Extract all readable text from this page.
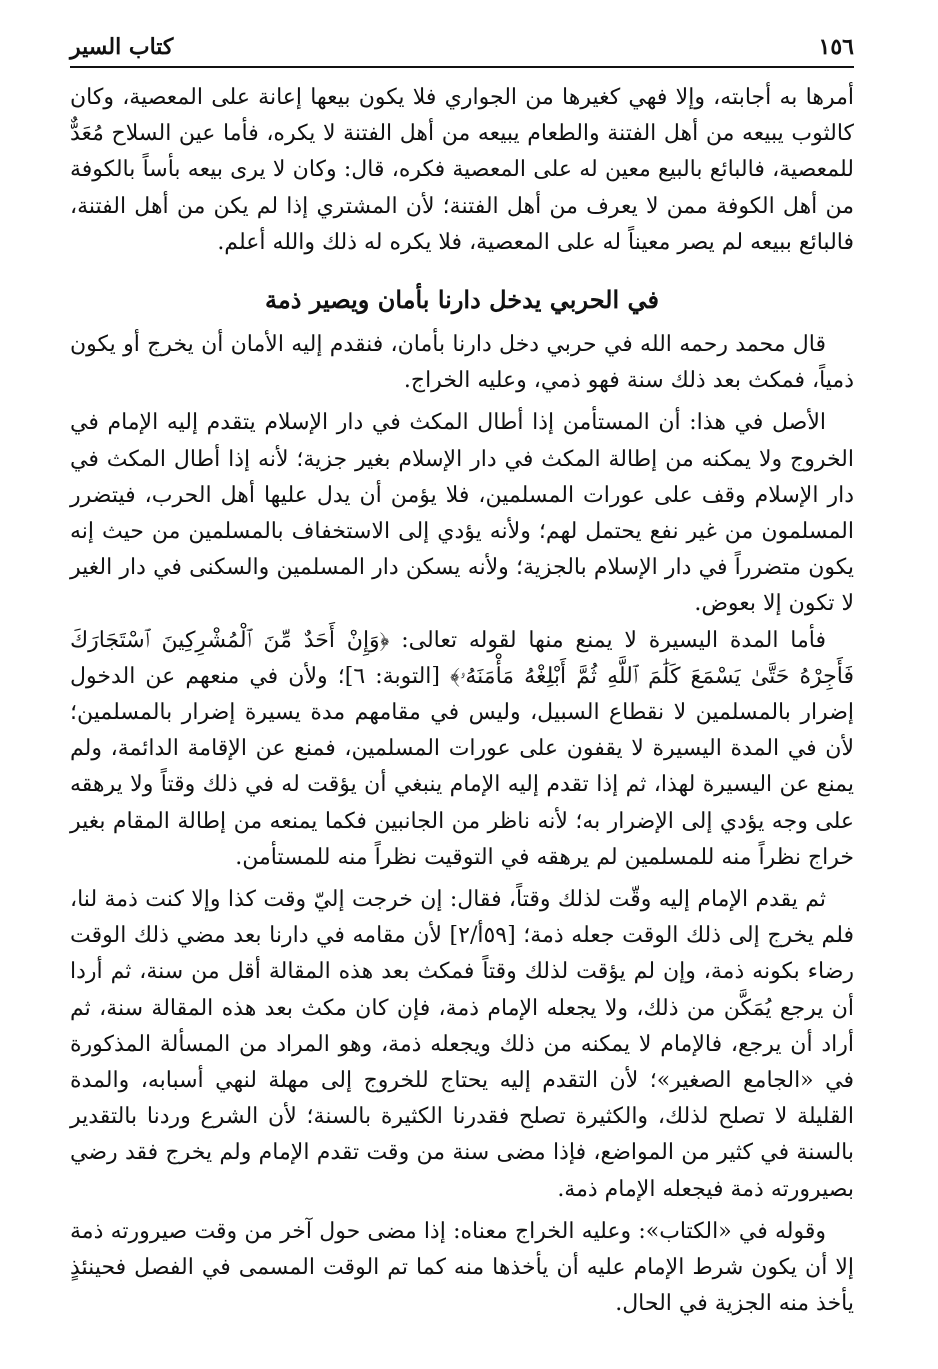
١٥٦
كتاب السير

أمرها به أجابته، وإلا فهي كغيرها من الجواري فلا يكون بيعها إعانة على المعصية، وكان كالثوب يبيعه من أهل الفتنة والطعام يبيعه من أهل الفتنة لا يكره، فأما عين السلاح مُعَدٌّ للمعصية، فالبائع بالبيع معين له على المعصية فكره، قال: وكان لا يرى بيعه بأساً بالكوفة من أهل الكوفة ممن لا يعرف من أهل الفتنة؛ لأن المشتري إذا لم يكن من أهل الفتنة، فالبائع ببيعه لم يصر معيناً له على المعصية، فلا يكره له ذلك والله أعلم.

في الحربي يدخل دارنا بأمان ويصير ذمة

قال محمد رحمه الله في حربي دخل دارنا بأمان، فنقدم إليه الأمان أن يخرج أو يكون ذمياً، فمكث بعد ذلك سنة فهو ذمي، وعليه الخراج.

الأصل في هذا: أن المستأمن إذا أطال المكث في دار الإسلام يتقدم إليه الإمام في الخروج ولا يمكنه من إطالة المكث في دار الإسلام بغير جزية؛ لأنه إذا أطال المكث في دار الإسلام وقف على عورات المسلمين، فلا يؤمن أن يدل عليها أهل الحرب، فيتضرر المسلمون من غير نفع يحتمل لهم؛ ولأنه يؤدي إلى الاستخفاف بالمسلمين من حيث إنه يكون متضرراً في دار الإسلام بالجزية؛ ولأنه يسكن دار المسلمين والسكنى في دار الغير لا تكون إلا بعوض.

فأما المدة اليسيرة لا يمنع منها لقوله تعالى: ﴿وَإِنْ أَحَدٌ مِّنَ ٱلْمُشْرِكِينَ ٱسْتَجَارَكَ فَأَجِرْهُ حَتَّىٰ يَسْمَعَ كَلَٰمَ ٱللَّهِ ثُمَّ أَبْلِغْهُ مَأْمَنَهُۥ﴾ [التوبة: ٦]؛ ولأن في منعهم عن الدخول إضرار بالمسلمين لا نقطاع السبيل، وليس في مقامهم مدة يسيرة إضرار بالمسلمين؛ لأن في المدة اليسيرة لا يقفون على عورات المسلمين، فمنع عن الإقامة الدائمة، ولم يمنع عن اليسيرة لهذا، ثم إذا تقدم إليه الإمام ينبغي أن يؤقت له في ذلك وقتاً ولا يرهقه على وجه يؤدي إلى الإضرار به؛ لأنه ناظر من الجانبين فكما يمنعه من إطالة المقام بغير خراج نظراً منه للمسلمين لم يرهقه في التوقيت نظراً منه للمستأمن.

ثم يقدم الإمام إليه وقّت لذلك وقتاً، فقال: إن خرجت إليّ وقت كذا وإلا كنت ذمة لنا، فلم يخرج إلى ذلك الوقت جعله ذمة؛ [٥٩أ/٢] لأن مقامه في دارنا بعد مضي ذلك الوقت رضاء بكونه ذمة، وإن لم يؤقت لذلك وقتاً فمكث بعد هذه المقالة أقل من سنة، ثم أردا أن يرجع يُمَكَّن من ذلك، ولا يجعله الإمام ذمة، فإن كان مكث بعد هذه المقالة سنة، ثم أراد أن يرجع، فالإمام لا يمكنه من ذلك ويجعله ذمة، وهو المراد من المسألة المذكورة في «الجامع الصغير»؛ لأن التقدم إليه يحتاج للخروج إلى مهلة لنهي أسبابه، والمدة القليلة لا تصلح لذلك، والكثيرة تصلح فقدرنا الكثيرة بالسنة؛ لأن الشرع وردنا بالتقدير بالسنة في كثير من المواضع، فإذا مضى سنة من وقت تقدم الإمام ولم يخرج فقد رضي بصيرورته ذمة فيجعله الإمام ذمة.

وقوله في «الكتاب»: وعليه الخراج معناه: إذا مضى حول آخر من وقت صيرورته ذمة إلا أن يكون شرط الإمام عليه أن يأخذها منه كما تم الوقت المسمى في الفصل فحينئذٍ يأخذ منه الجزية في الحال.
